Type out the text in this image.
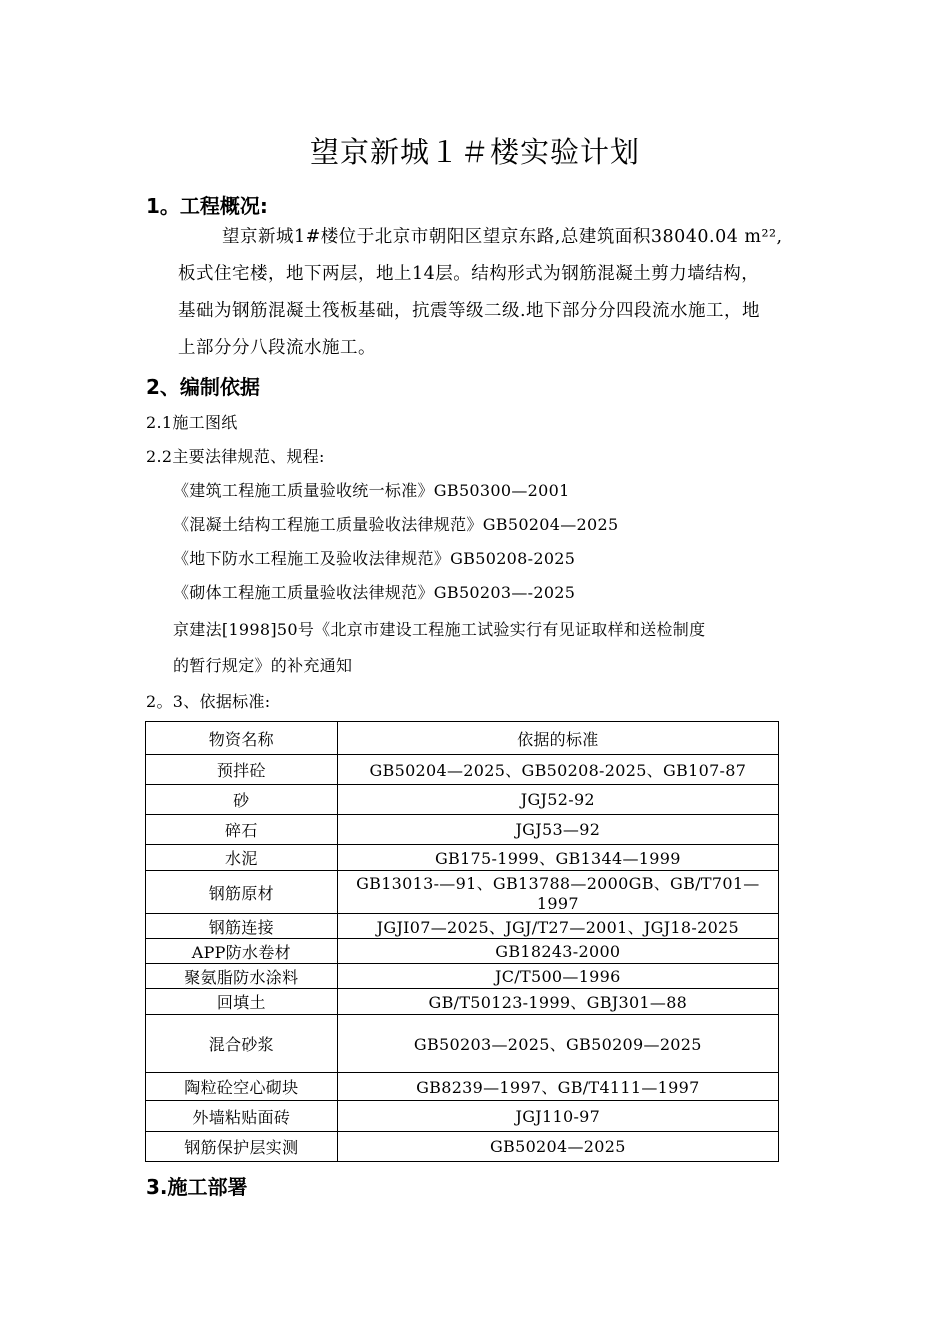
望京新城１＃楼实验计划
1。工程概况:
望京新城1#楼位于北京市朝阳区望京东路,总建筑面积38040.04 m²²,
板式住宅楼，地下两层，地上14层。结构形式为钢筋混凝土剪力墙结构，
基础为钢筋混凝土筏板基础，抗震等级二级.地下部分分四段流水施工，地
上部分分八段流水施工。
2、编制依据
2.1施工图纸
2.2主要法律规范、规程:
《建筑工程施工质量验收统一标准》GB50300—2001
《混凝土结构工程施工质量验收法律规范》GB50204—2025
《地下防水工程施工及验收法律规范》GB50208-2025
《砌体工程施工质量验收法律规范》GB50203—-2025
京建法[1998]50号《北京市建设工程施工试验实行有见证取样和送检制度
的暂行规定》的补充通知
2。3、依据标准:
物资名称	依据的标准
预拌砼	GB50204—2025、GB50208-2025、GB107-87
砂	JGJ52-92
碎石	JGJ53—92
水泥	GB175-1999、GB1344—1999
钢筋原材	GB13013-—91、GB13788—2000GB、GB/T701—1997
钢筋连接	JGJI07—2025、JGJ/T27—2001、JGJ18-2025
APP防水卷材	GB18243-2000
聚氨脂防水涂料	JC/T500—1996
回填土	GB/T50123-1999、GBJ301—88
混合砂浆	GB50203—2025、GB50209—2025
陶粒砼空心砌块	GB8239—1997、GB/T4111—1997
外墙粘贴面砖	JGJ110-97
钢筋保护层实测	GB50204—2025
3.施工部署
